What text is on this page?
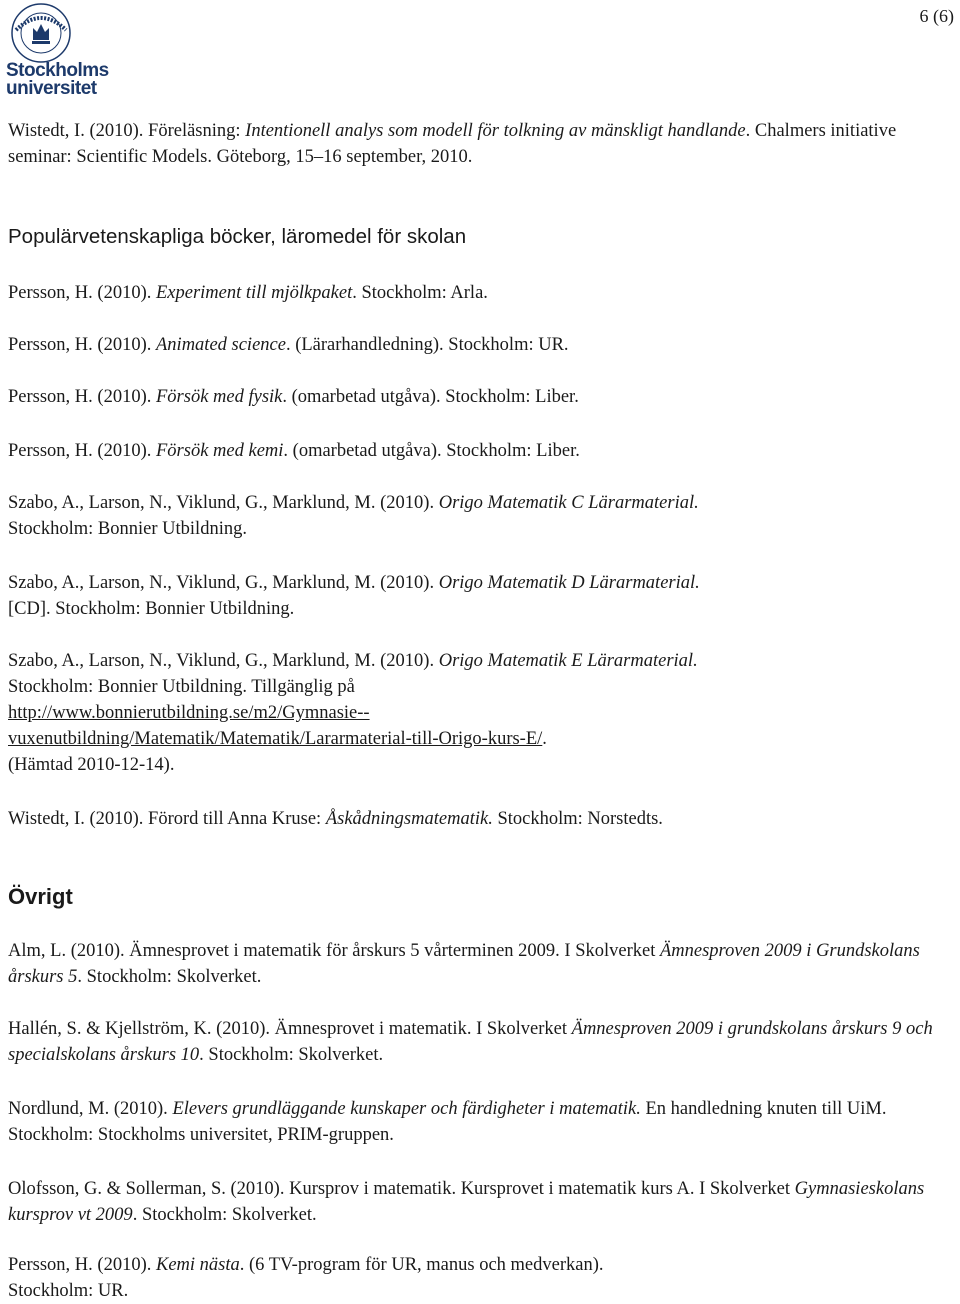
Stockholms
universitet
6 (6)

Wistedt, I. (2010). Föreläsning: Intentionell analys som modell för tolkning av mänskligt handlande. Chalmers initiative seminar: Scientific Models. Göteborg, 15–16 september, 2010.

Populärvetenskapliga böcker, läromedel för skolan

Persson, H. (2010). Experiment till mjölkpaket. Stockholm: Arla.

Persson, H. (2010). Animated science. (Lärarhandledning). Stockholm: UR.

Persson, H. (2010). Försök med fysik. (omarbetad utgåva). Stockholm: Liber.

Persson, H. (2010). Försök med kemi. (omarbetad utgåva). Stockholm: Liber.

Szabo, A., Larson, N., Viklund, G., Marklund, M. (2010). Origo Matematik C Lärarmaterial.
Stockholm: Bonnier Utbildning.

Szabo, A., Larson, N., Viklund, G., Marklund, M. (2010). Origo Matematik D Lärarmaterial.
[CD]. Stockholm: Bonnier Utbildning.

Szabo, A., Larson, N., Viklund, G., Marklund, M. (2010). Origo Matematik E Lärarmaterial.
Stockholm: Bonnier Utbildning. Tillgänglig på
http://www.bonnierutbildning.se/m2/Gymnasie--
vuxenutbildning/Matematik/Matematik/Lararmaterial-till-Origo-kurs-E/.
(Hämtad 2010-12-14).

Wistedt, I. (2010). Förord till Anna Kruse: Åskådningsmatematik. Stockholm: Norstedts.

Övrigt

Alm, L. (2010). Ämnesprovet i matematik för årskurs 5 vårterminen 2009. I Skolverket Ämnesproven 2009 i Grundskolans årskurs 5. Stockholm: Skolverket.

Hallén, S. & Kjellström, K. (2010). Ämnesprovet i matematik. I Skolverket Ämnesproven 2009 i grundskolans årskurs 9 och specialskolans årskurs 10. Stockholm: Skolverket.

Nordlund, M. (2010). Elevers grundläggande kunskaper och färdigheter i matematik. En handledning knuten till UiM. Stockholm: Stockholms universitet, PRIM-gruppen.

Olofsson, G. & Sollerman, S. (2010). Kursprov i matematik. Kursprovet i matematik kurs A. I Skolverket Gymnasieskolans kursprov vt 2009. Stockholm: Skolverket.

Persson, H. (2010). Kemi nästa. (6 TV-program för UR, manus och medverkan).
Stockholm: UR.
